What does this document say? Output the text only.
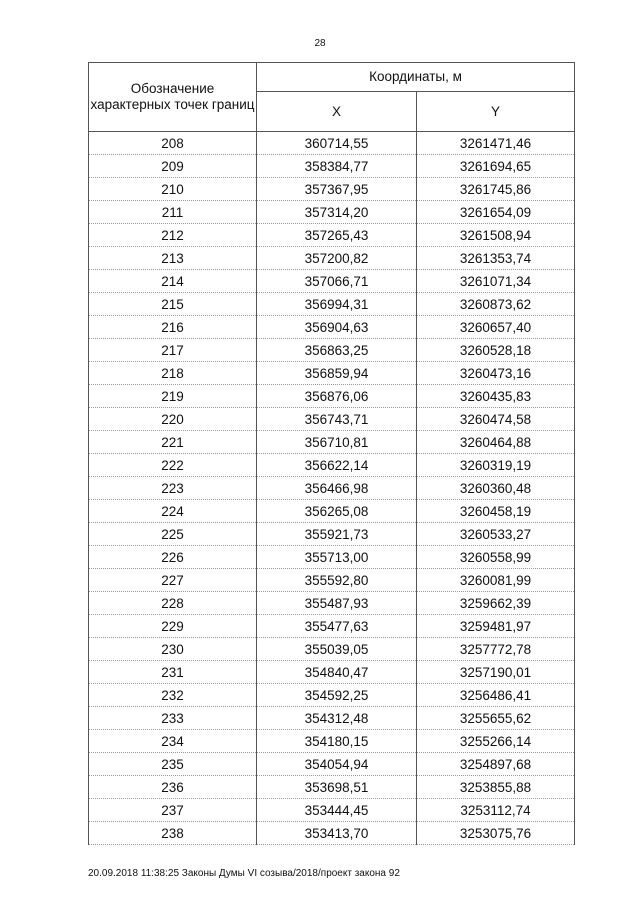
28
Обозначение характерных точек границ	Координаты, м	
	X	Y
208	360714,55	3261471,46
209	358384,77	3261694,65
210	357367,95	3261745,86
211	357314,20	3261654,09
212	357265,43	3261508,94
213	357200,82	3261353,74
214	357066,71	3261071,34
215	356994,31	3260873,62
216	356904,63	3260657,40
217	356863,25	3260528,18
218	356859,94	3260473,16
219	356876,06	3260435,83
220	356743,71	3260474,58
221	356710,81	3260464,88
222	356622,14	3260319,19
223	356466,98	3260360,48
224	356265,08	3260458,19
225	355921,73	3260533,27
226	355713,00	3260558,99
227	355592,80	3260081,99
228	355487,93	3259662,39
229	355477,63	3259481,97
230	355039,05	3257772,78
231	354840,47	3257190,01
232	354592,25	3256486,41
233	354312,48	3255655,62
234	354180,15	3255266,14
235	354054,94	3254897,68
236	353698,51	3253855,88
237	353444,45	3253112,74
238	353413,70	3253075,76
20.09.2018 11:38:25 Законы Думы VI созыва/2018/проект закона 92
